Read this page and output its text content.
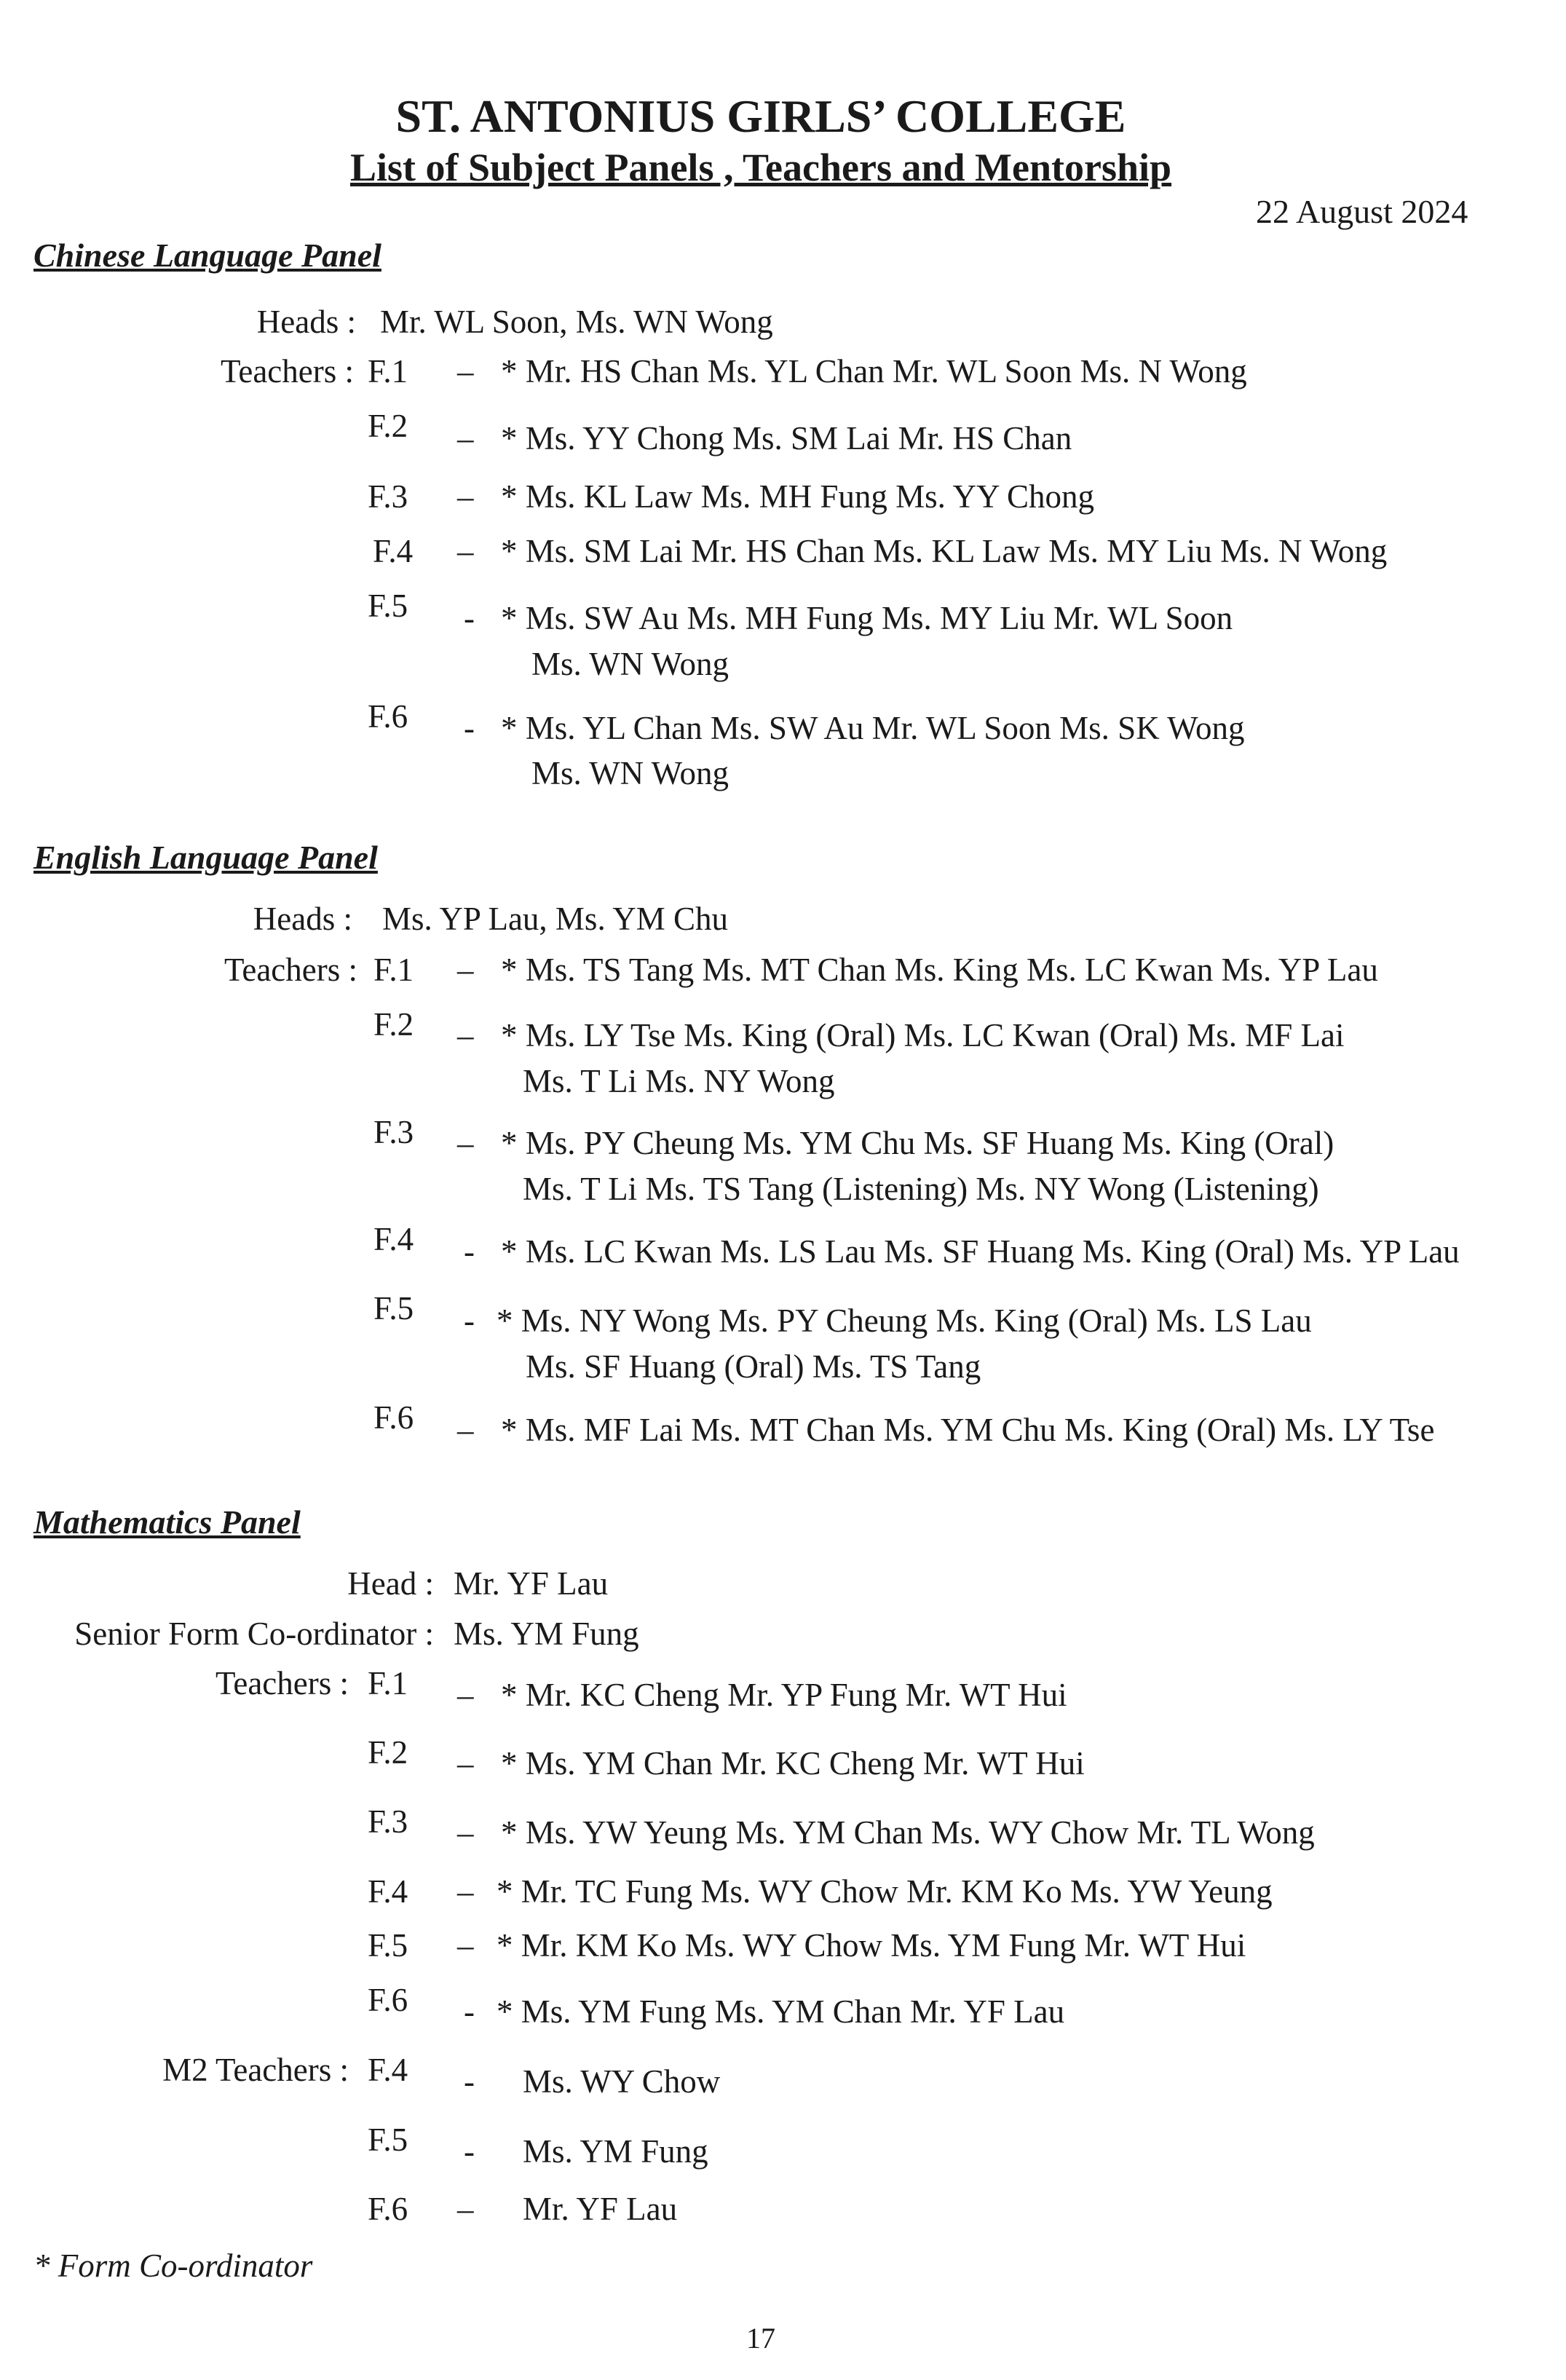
ST. ANTONIUS GIRLS’ COLLEGE
List of Subject Panels , Teachers and Mentorship
22 August 2024
Chinese Language Panel
Heads : Mr. WL Soon, Ms. WN Wong
Teachers : F.1 – * Mr. HS Chan Ms. YL Chan Mr. WL Soon Ms. N Wong
F.2 – * Ms. YY Chong Ms. SM Lai Mr. HS Chan
F.3 – * Ms. KL Law Ms. MH Fung Ms. YY Chong
F.4 – * Ms. SM Lai Mr. HS Chan Ms. KL Law Ms. MY Liu Ms. N Wong
F.5 - * Ms. SW Au Ms. MH Fung Ms. MY Liu Mr. WL Soon
Ms. WN Wong
F.6 - * Ms. YL Chan Ms. SW Au Mr. WL Soon Ms. SK Wong
Ms. WN Wong
English Language Panel
Heads : Ms. YP Lau, Ms. YM Chu
Teachers : F.1 – * Ms. TS Tang Ms. MT Chan Ms. King Ms. LC Kwan Ms. YP Lau
F.2 – * Ms. LY Tse Ms. King (Oral) Ms. LC Kwan (Oral) Ms. MF Lai
Ms. T Li Ms. NY Wong
F.3 – * Ms. PY Cheung Ms. YM Chu Ms. SF Huang Ms. King (Oral)
Ms. T Li Ms. TS Tang (Listening) Ms. NY Wong (Listening)
F.4 - * Ms. LC Kwan Ms. LS Lau Ms. SF Huang Ms. King (Oral) Ms. YP Lau
F.5 - * Ms. NY Wong Ms. PY Cheung Ms. King (Oral) Ms. LS Lau
Ms. SF Huang (Oral) Ms. TS Tang
F.6 – * Ms. MF Lai Ms. MT Chan Ms. YM Chu Ms. King (Oral) Ms. LY Tse
Mathematics Panel
Head : Mr. YF Lau
Senior Form Co-ordinator : Ms. YM Fung
Teachers : F.1 – * Mr. KC Cheng Mr. YP Fung Mr. WT Hui
F.2 – * Ms. YM Chan Mr. KC Cheng Mr. WT Hui
F.3 – * Ms. YW Yeung Ms. YM Chan Ms. WY Chow Mr. TL Wong
F.4 – * Mr. TC Fung Ms. WY Chow Mr. KM Ko Ms. YW Yeung
F.5 – * Mr. KM Ko Ms. WY Chow Ms. YM Fung Mr. WT Hui
F.6 - * Ms. YM Fung Ms. YM Chan Mr. YF Lau
M2 Teachers : F.4 - Ms. WY Chow
F.5 - Ms. YM Fung
F.6 – Mr. YF Lau
* Form Co-ordinator
17
